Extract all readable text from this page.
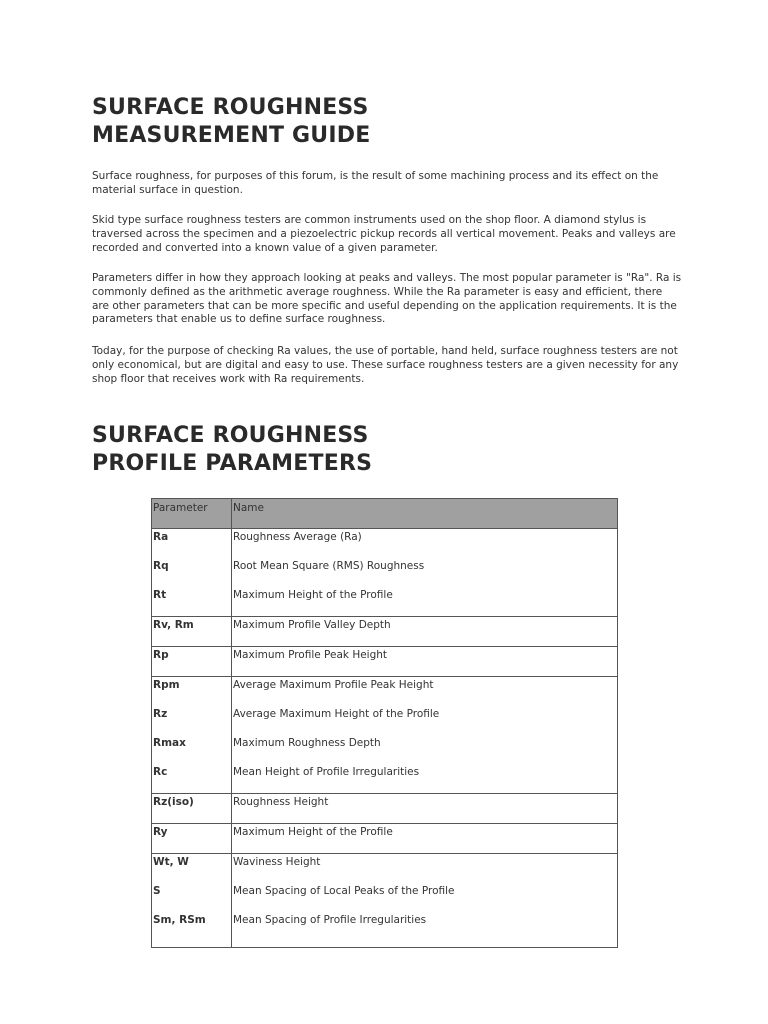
SURFACE ROUGHNESS
MEASUREMENT GUIDE

Surface roughness, for purposes of this forum, is the result of some machining process and its effect on the material surface in question.

Skid type surface roughness testers are common instruments used on the shop floor. A diamond stylus is traversed across the specimen and a piezoelectric pickup records all vertical movement. Peaks and valleys are recorded and converted into a known value of a given parameter.

Parameters differ in how they approach looking at peaks and valleys. The most popular parameter is "Ra". Ra is commonly defined as the arithmetic average roughness. While the Ra parameter is easy and efficient, there are other parameters that can be more specific and useful depending on the application requirements. It is the parameters that enable us to define surface roughness.

Today, for the purpose of checking Ra values, the use of portable, hand held, surface roughness testers are not only economical, but are digital and easy to use. These surface roughness testers are a given necessity for any shop floor that receives work with Ra requirements.

SURFACE ROUGHNESS
PROFILE PARAMETERS
Parameter	Name
Ra	Roughness Average (Ra)
Rq	Root Mean Square (RMS) Roughness
Rt	Maximum Height of the Profile
Rv, Rm	Maximum Profile Valley Depth
Rp	Maximum Profile Peak Height
Rpm	Average Maximum Profile Peak Height
Rz	Average Maximum Height of the Profile
Rmax	Maximum Roughness Depth
Rc	Mean Height of Profile Irregularities
Rz(iso)	Roughness Height
Ry	Maximum Height of the Profile
Wt, W	Waviness Height
S	Mean Spacing of Local Peaks of the Profile
Sm, RSm	Mean Spacing of Profile Irregularities
